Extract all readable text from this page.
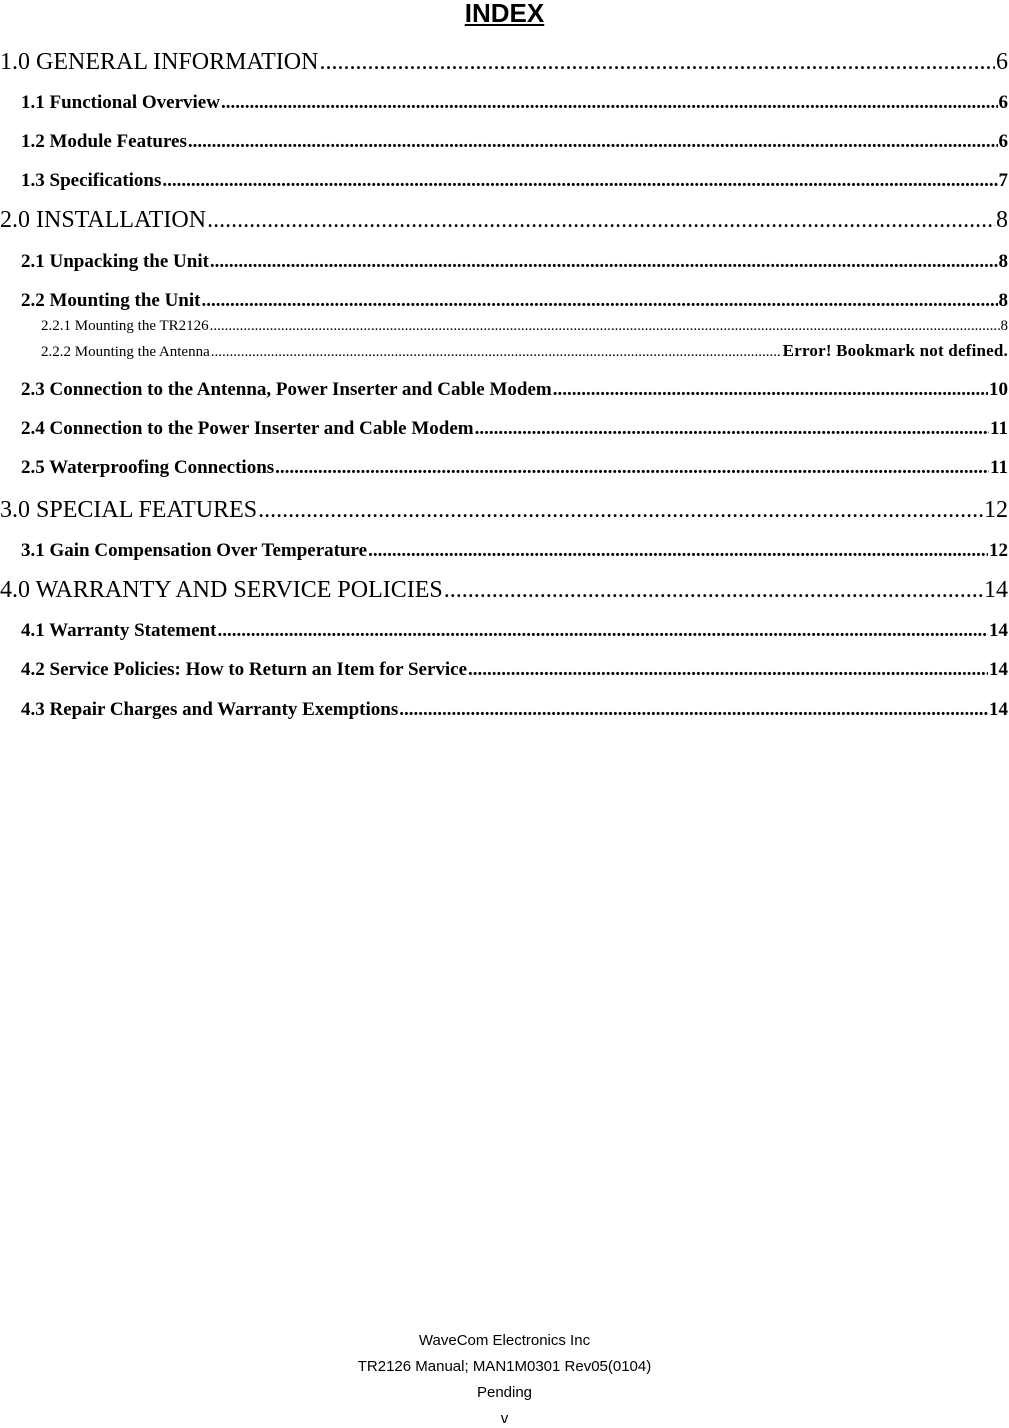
INDEX
1.0 GENERAL INFORMATION .....	6
1.1 Functional Overview .....	6
1.2 Module Features .....	6
1.3 Specifications .....	7
2.0 INSTALLATION .....	8
2.1 Unpacking the Unit .....	8
2.2 Mounting the Unit .....	8
2.2.1 Mounting the TR2126 .....	8
2.2.2 Mounting the Antenna .....	Error! Bookmark not defined.
2.3 Connection to the Antenna, Power Inserter and Cable Modem .....	10
2.4 Connection to the Power Inserter and Cable Modem .....	11
2.5 Waterproofing Connections .....	11
3.0 SPECIAL FEATURES .....	12
3.1 Gain Compensation Over Temperature .....	12
4.0 WARRANTY AND SERVICE POLICIES .....	14
4.1 Warranty Statement .....	14
4.2 Service Policies: How to Return an Item for Service .....	14
4.3 Repair Charges and Warranty Exemptions .....	14
WaveCom Electronics Inc
TR2126 Manual; MAN1M0301 Rev05(0104)
Pending
v
